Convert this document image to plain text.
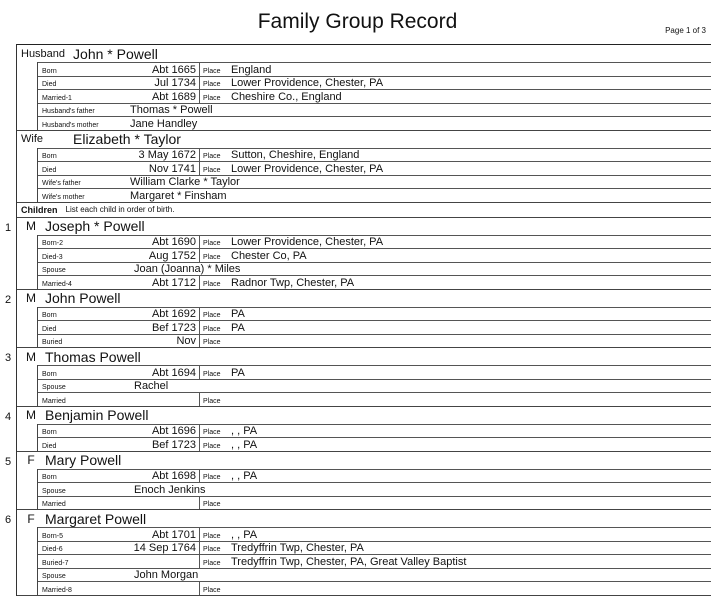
Family Group Record	Page 1 of 3
Husband John * Powell
Born	Abt 1665	Place England
Died	Jul 1734	Place Lower Providence, Chester, PA
Married-1	Abt 1689	Place Cheshire Co., England
Husband's father	Thomas * Powell
Husband's mother	Jane Handley
Wife Elizabeth * Taylor
Born	3 May 1672	Place Sutton, Cheshire, England
Died	Nov 1741	Place Lower Providence, Chester, PA
Wife's father	William Clarke * Taylor
Wife's mother	Margaret * Finsham
Children List each child in order of birth.
1	M Joseph * Powell
Born-2	Abt 1690	Place Lower Providence, Chester, PA
Died-3	Aug 1752	Place Chester Co, PA
Spouse	Joan (Joanna) * Miles
Married-4	Abt 1712	Place Radnor Twp, Chester, PA
2	M John Powell
Born	Abt 1692	Place PA
Died	Bef 1723	Place PA
Buried	Nov	Place
3	M Thomas Powell
Born	Abt 1694	Place PA
Spouse	Rachel
Married	Place
4	M Benjamin Powell
Born	Abt 1696	Place , , PA
Died	Bef 1723	Place , , PA
5	F Mary Powell
Born	Abt 1698	Place , , PA
Spouse	Enoch Jenkins
Married	Place
6	F Margaret Powell
Born-5	Abt 1701	Place , , PA
Died-6	14 Sep 1764	Place Tredyffrin Twp, Chester, PA
Buried-7	Place Tredyffrin Twp, Chester, PA, Great Valley Baptist
Spouse	John Morgan
Married-8	Place
